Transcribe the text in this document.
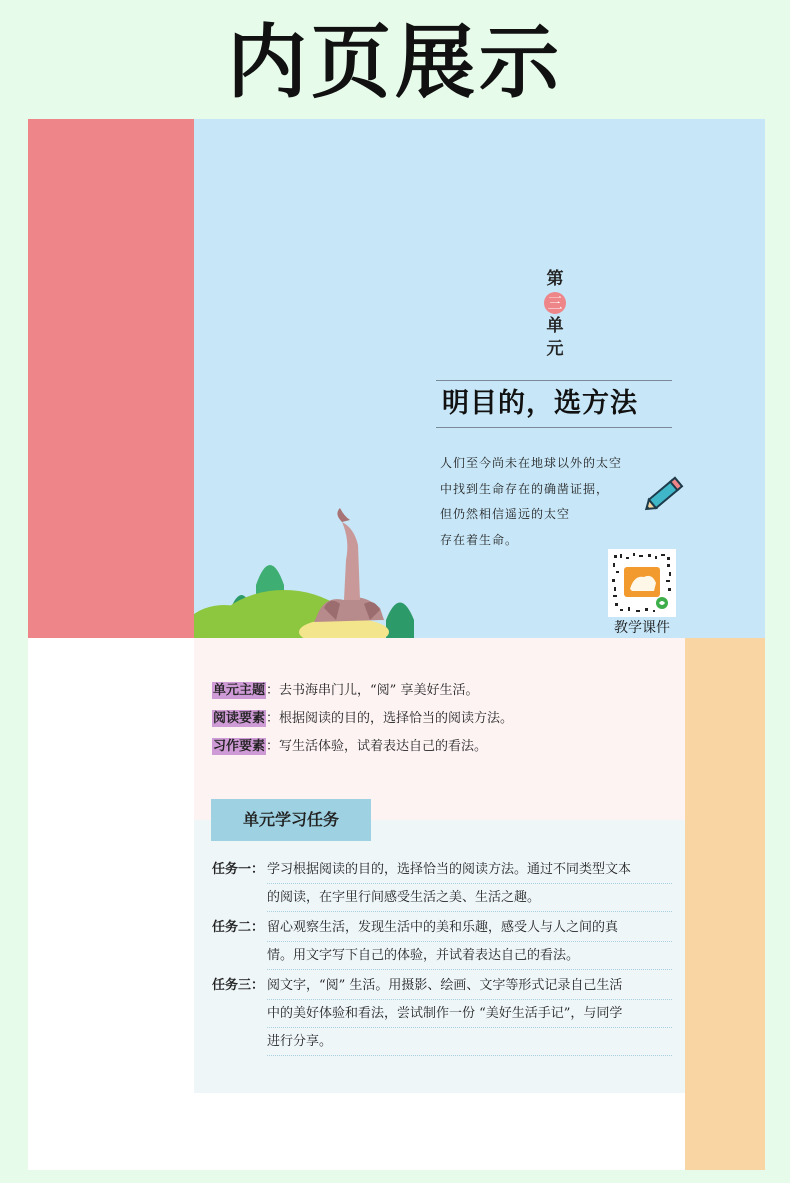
内页展示
第
三
单
元
明目的，选方法
人们至今尚未在地球以外的太空
中找到生命存在的确凿证据，
但仍然相信遥远的太空
存在着生命。
教学课件
单元主题：去书海串门儿，“阅” 享美好生活。
阅读要素：根据阅读的目的，选择恰当的阅读方法。
习作要素：写生活体验，试着表达自己的看法。
单元学习任务
任务一： 学习根据阅读的目的，选择恰当的阅读方法。通过不同类型文本
的阅读，在字里行间感受生活之美、生活之趣。
任务二： 留心观察生活，发现生活中的美和乐趣，感受人与人之间的真
情。用文字写下自己的体验，并试着表达自己的看法。
任务三： 阅文字，“阅” 生活。用摄影、绘画、文字等形式记录自己生活
中的美好体验和看法，尝试制作一份 “美好生活手记”，与同学
进行分享。
